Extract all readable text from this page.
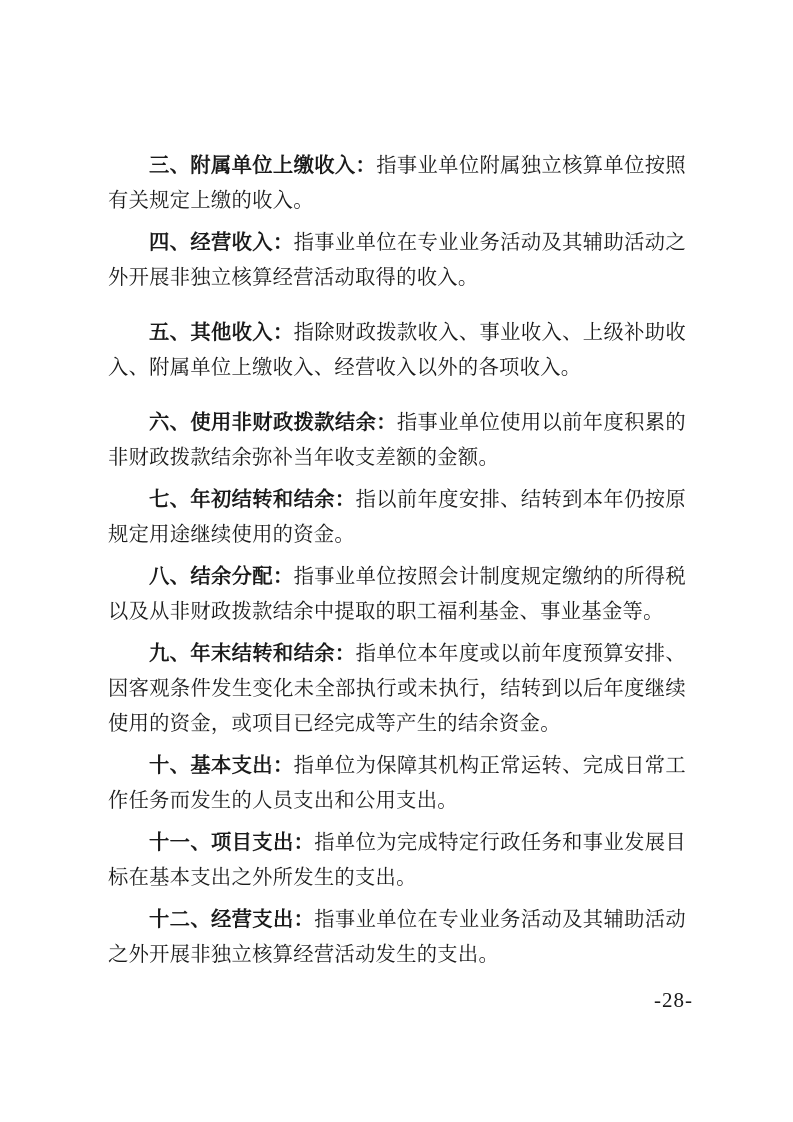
三、附属单位上缴收入：指事业单位附属独立核算单位按照有关规定上缴的收入。

四、经营收入：指事业单位在专业业务活动及其辅助活动之外开展非独立核算经营活动取得的收入。

五、其他收入：指除财政拨款收入、事业收入、上级补助收入、附属单位上缴收入、经营收入以外的各项收入。

六、使用非财政拨款结余：指事业单位使用以前年度积累的非财政拨款结余弥补当年收支差额的金额。

七、年初结转和结余：指以前年度安排、结转到本年仍按原规定用途继续使用的资金。

八、结余分配：指事业单位按照会计制度规定缴纳的所得税以及从非财政拨款结余中提取的职工福利基金、事业基金等。

九、年末结转和结余：指单位本年度或以前年度预算安排、因客观条件发生变化未全部执行或未执行，结转到以后年度继续使用的资金，或项目已经完成等产生的结余资金。

十、基本支出：指单位为保障其机构正常运转、完成日常工作任务而发生的人员支出和公用支出。

十一、项目支出：指单位为完成特定行政任务和事业发展目标在基本支出之外所发生的支出。

十二、经营支出：指事业单位在专业业务活动及其辅助活动之外开展非独立核算经营活动发生的支出。

-28-
